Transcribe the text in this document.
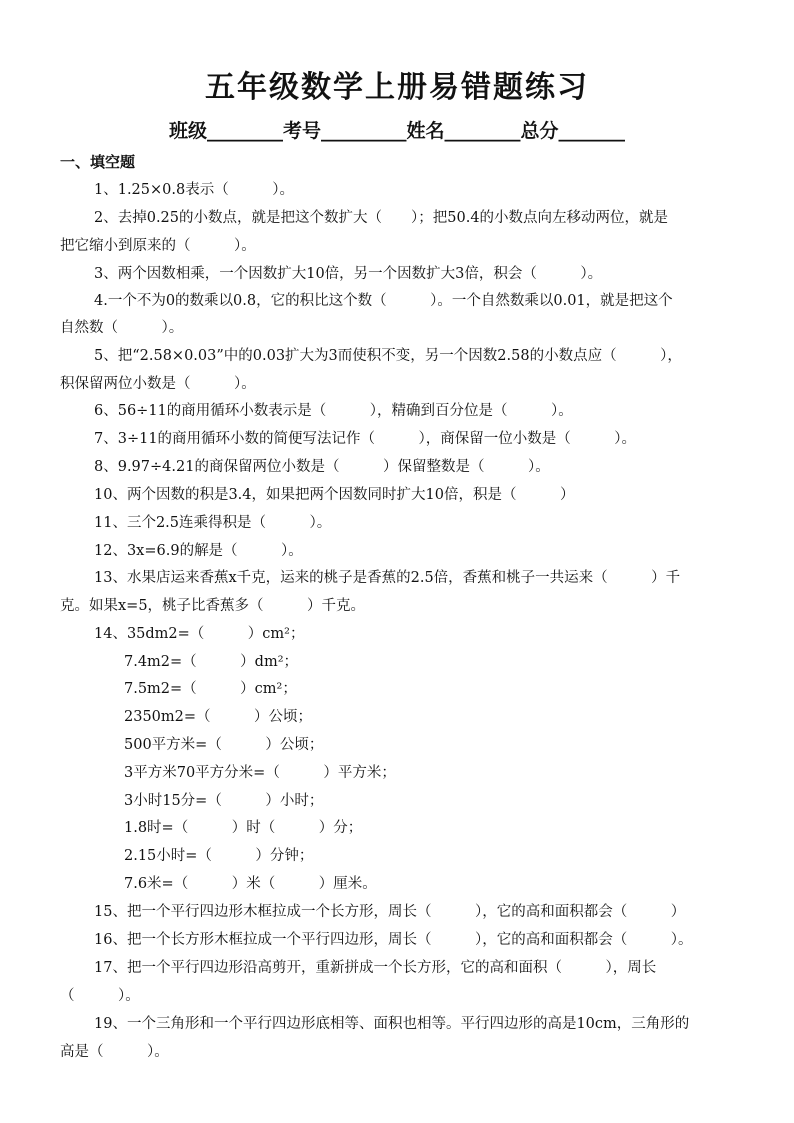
五年级数学上册易错题练习
班级________考号_________姓名________总分_______
一、填空题
1、1.25×0.8表示（　　　）。
2、去掉0.25的小数点，就是把这个数扩大（　　）；把50.4的小数点向左移动两位，就是
把它缩小到原来的（　　　）。
3、两个因数相乘，一个因数扩大10倍，另一个因数扩大3倍，积会（　　　）。
4.一个不为0的数乘以0.8，它的积比这个数（　　　）。一个自然数乘以0.01，就是把这个
自然数（　　　）。
5、把“2.58×0.03”中的0.03扩大为3而使积不变，另一个因数2.58的小数点应（　　　），
积保留两位小数是（　　　）。
6、56÷11的商用循环小数表示是（　　　），精确到百分位是（　　　）。
7、3÷11的商用循环小数的简便写法记作（　　　），商保留一位小数是（　　　）。
8、9.97÷4.21的商保留两位小数是（　　　）保留整数是（　　　）。
10、两个因数的积是3.4，如果把两个因数同时扩大10倍，积是（　　　）
11、三个2.5连乘得积是（　　　）。
12、3x=6.9的解是（　　　）。
13、水果店运来香蕉x千克，运来的桃子是香蕉的2.5倍，香蕉和桃子一共运来（　　　）千
克。如果x=5，桃子比香蕉多（　　　）千克。
14、35dm2=（　　　）cm²；
7.4m2=（　　　）dm²；
7.5m2=（　　　）cm²；
2350m2=（　　　）公顷；
500平方米=（　　　）公顷；
3平方米70平方分米=（　　　）平方米；
3小时15分=（　　　）小时；
1.8时=（　　　）时（　　　）分；
2.15小时=（　　　）分钟；
7.6米=（　　　）米（　　　）厘米。
15、把一个平行四边形木框拉成一个长方形，周长（　　　），它的高和面积都会（　　　）
16、把一个长方形木框拉成一个平行四边形，周长（　　　），它的高和面积都会（　　　）。
17、把一个平行四边形沿高剪开，重新拼成一个长方形，它的高和面积（　　　），周长
（　　　）。
19、一个三角形和一个平行四边形底相等、面积也相等。平行四边形的高是10cm，三角形的
高是（　　　）。
